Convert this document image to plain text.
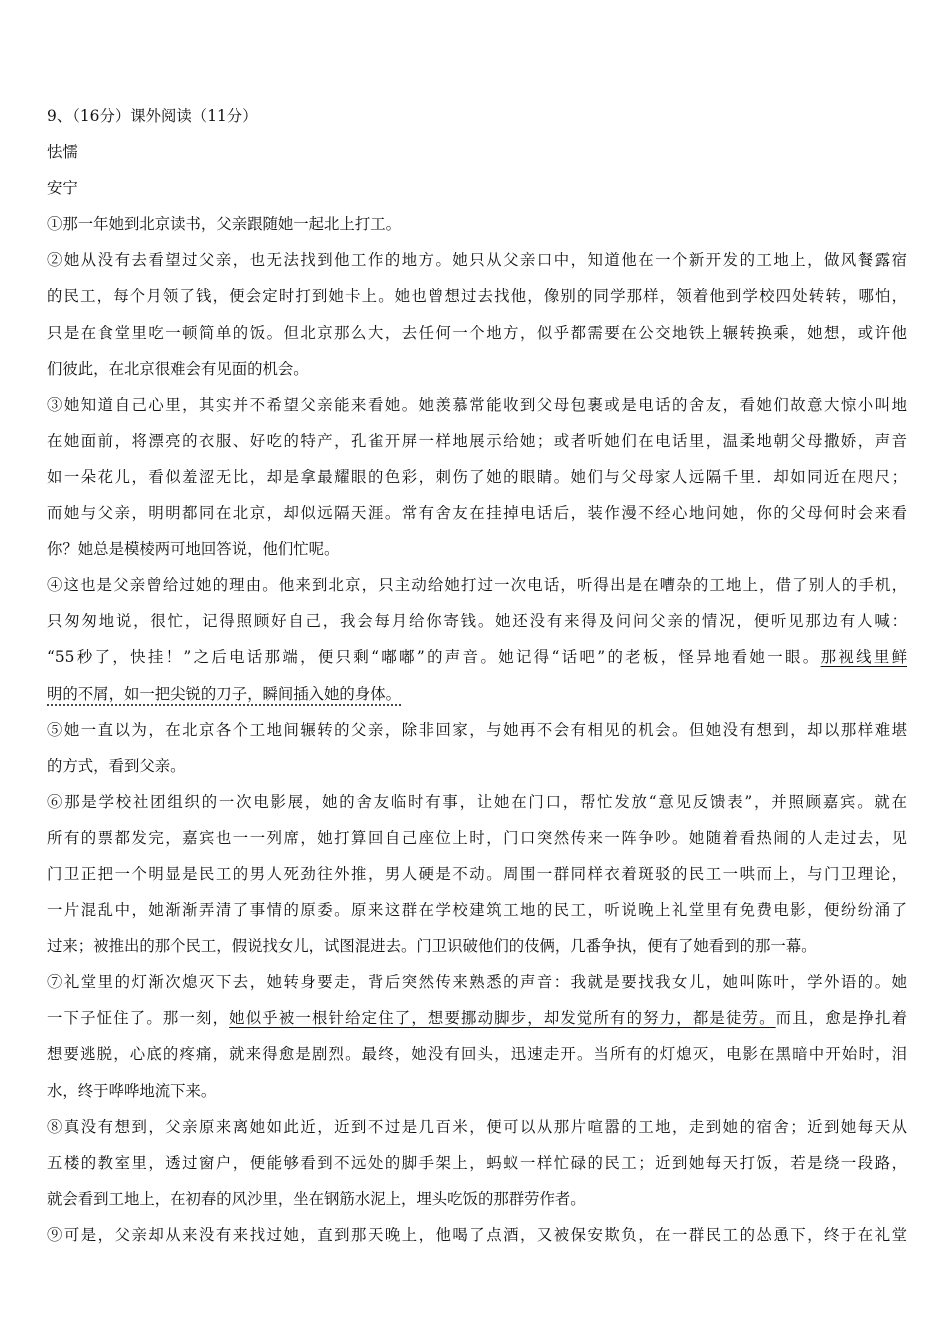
9、（16分）课外阅读（11分）
怯懦
安宁
①那一年她到北京读书，父亲跟随她一起北上打工。
②她从没有去看望过父亲，也无法找到他工作的地方。她只从父亲口中，知道他在一个新开发的工地上，做风餐露宿
的民工，每个月领了钱，便会定时打到她卡上。她也曾想过去找他，像别的同学那样，领着他到学校四处转转，哪怕，
只是在食堂里吃一顿简单的饭。但北京那么大，去任何一个地方，似乎都需要在公交地铁上辗转换乘，她想，或许他
们彼此，在北京很难会有见面的机会。
③她知道自己心里，其实并不希望父亲能来看她。她羡慕常能收到父母包裹或是电话的舍友，看她们故意大惊小叫地
在她面前，将漂亮的衣服、好吃的特产，孔雀开屏一样地展示给她；或者听她们在电话里，温柔地朝父母撒娇，声音
如一朵花儿，看似羞涩无比，却是拿最耀眼的色彩，刺伤了她的眼睛。她们与父母家人远隔千里．却如同近在咫尺；
而她与父亲，明明都同在北京，却似远隔天涯。常有舍友在挂掉电话后，装作漫不经心地问她，你的父母何时会来看
你？她总是模棱两可地回答说，他们忙呢。
④这也是父亲曾给过她的理由。他来到北京，只主动给她打过一次电话，听得出是在嘈杂的工地上，借了别人的手机，
只匆匆地说，很忙，记得照顾好自己，我会每月给你寄钱。她还没有来得及问问父亲的情况，便听见那边有人喊：
“55秒了，快挂！”之后电话那端，便只剩“嘟嘟”的声音。她记得“话吧”的老板，怪异地看她一眼。那视线里鲜
明的不屑，如一把尖锐的刀子，瞬间插入她的身体。
⑤她一直以为，在北京各个工地间辗转的父亲，除非回家，与她再不会有相见的机会。但她没有想到，却以那样难堪
的方式，看到父亲。
⑥那是学校社团组织的一次电影展，她的舍友临时有事，让她在门口，帮忙发放“意见反馈表”，并照顾嘉宾。就在
所有的票都发完，嘉宾也一一列席，她打算回自己座位上时，门口突然传来一阵争吵。她随着看热闹的人走过去，见
门卫正把一个明显是民工的男人死劲往外推，男人硬是不动。周围一群同样衣着斑驳的民工一哄而上，与门卫理论，
一片混乱中，她渐渐弄清了事情的原委。原来这群在学校建筑工地的民工，听说晚上礼堂里有免费电影，便纷纷涌了
过来；被推出的那个民工，假说找女儿，试图混进去。门卫识破他们的伎俩，几番争执，便有了她看到的那一幕。
⑦礼堂里的灯渐次熄灭下去，她转身要走，背后突然传来熟悉的声音：我就是要找我女儿，她叫陈叶，学外语的。她
一下子怔住了。那一刻，她似乎被一根针给定住了，想要挪动脚步，却发觉所有的努力，都是徒劳。而且，愈是挣扎着
想要逃脱，心底的疼痛，就来得愈是剧烈。最终，她没有回头，迅速走开。当所有的灯熄灭，电影在黑暗中开始时，泪
水，终于哗哗地流下来。
⑧真没有想到，父亲原来离她如此近，近到不过是几百米，便可以从那片喧嚣的工地，走到她的宿舍；近到她每天从
五楼的教室里，透过窗户，便能够看到不远处的脚手架上，蚂蚁一样忙碌的民工；近到她每天打饭，若是绕一段路，
就会看到工地上，在初春的风沙里，坐在钢筋水泥上，埋头吃饭的那群劳作者。
⑨可是，父亲却从来没有来找过她，直到那天晚上，他喝了点酒，又被保安欺负，在一群民工的怂恿下，终于在礼堂
